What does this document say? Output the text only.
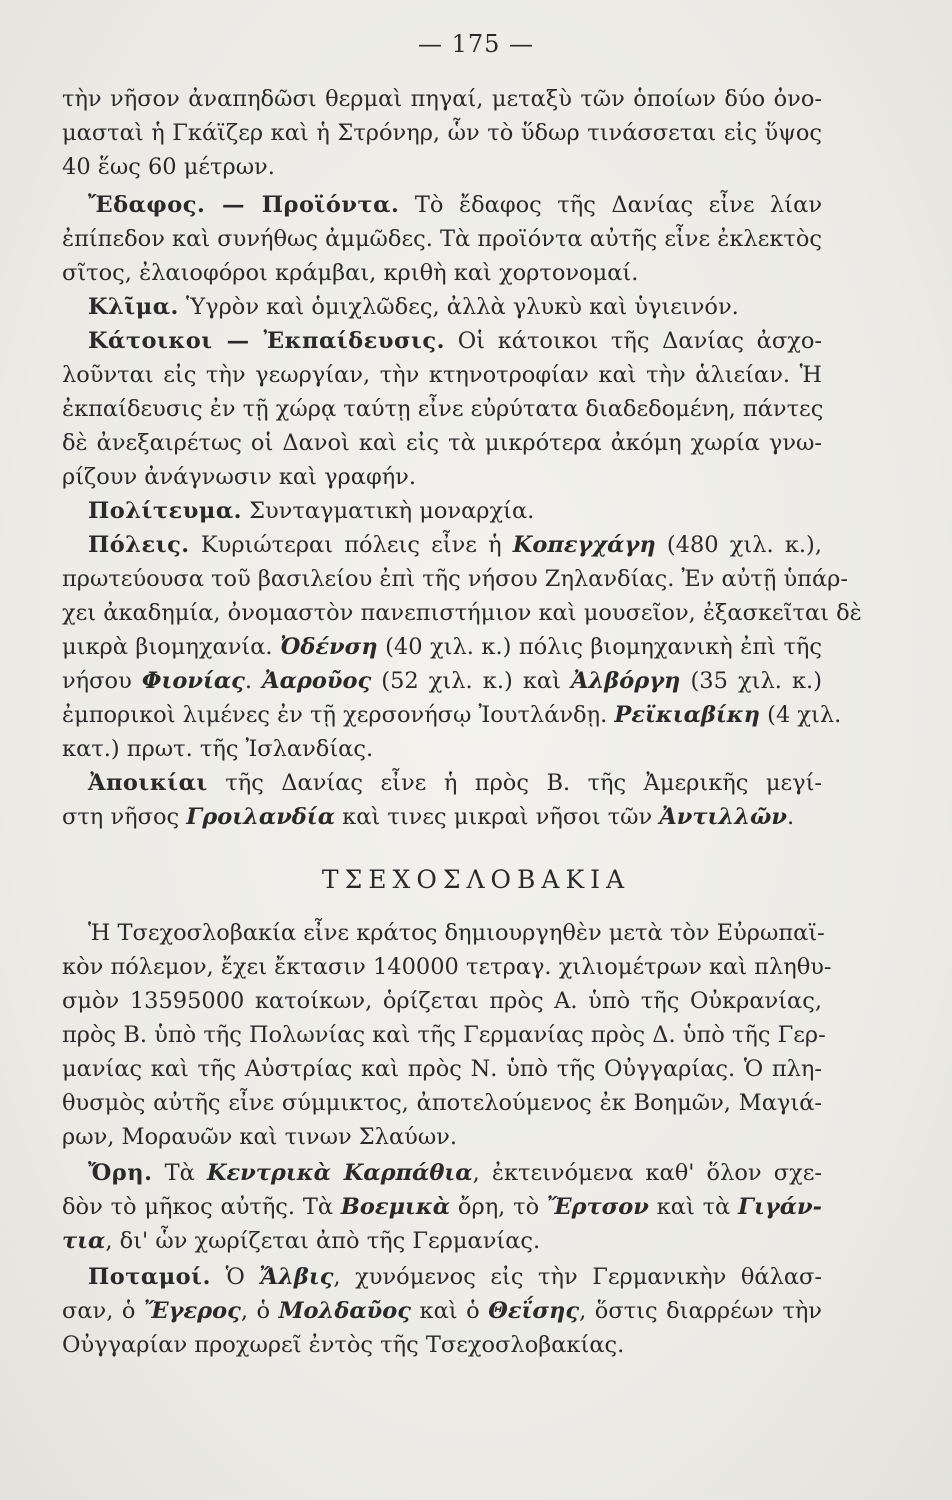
— 175 —
τὴν νῆσον ἀναπηδῶσι θερμαὶ πηγαί, μεταξὺ τῶν ὁποίων δύο ὀνο-
μασταὶ ἡ Γκάϊζερ καὶ ἡ Στρόνηρ, ὧν τὸ ὕδωρ τινάσσεται εἰς ὕψος
40 ἕως 60 μέτρων.
Ἔδαφος. — Προϊόντα. Τὸ ἔδαφος τῆς Δανίας εἶνε λίαν
ἐπίπεδον καὶ συνήθως ἀμμῶδες. Τὰ προϊόντα αὐτῆς εἶνε ἐκλεκτὸς
σῖτος, ἐλαιοφόροι κράμβαι, κριθὴ καὶ χορτονομαί.
Κλῖμα. Ὑγρὸν καὶ ὁμιχλῶδες, ἀλλὰ γλυκὺ καὶ ὑγιεινόν.
Κάτοικοι — Ἐκπαίδευσις. Οἱ κάτοικοι τῆς Δανίας ἀσχο-
λοῦνται εἰς τὴν γεωργίαν, τὴν κτηνοτροφίαν καὶ τὴν ἁλιείαν. Ἡ
ἐκπαίδευσις ἐν τῇ χώρᾳ ταύτῃ εἶνε εὐρύτατα διαδεδομένη, πάντες
δὲ ἀνεξαιρέτως οἱ Δανοὶ καὶ εἰς τὰ μικρότερα ἀκόμη χωρία γνω-
ρίζουν ἀνάγνωσιν καὶ γραφήν.
Πολίτευμα. Συνταγματικὴ μοναρχία.
Πόλεις. Κυριώτεραι πόλεις εἶνε ἡ Κοπεγχάγη (480 χιλ. κ.),
πρωτεύουσα τοῦ βασιλείου ἐπὶ τῆς νήσου Ζηλανδίας. Ἐν αὐτῇ ὑπάρ-
χει ἀκαδημία, ὀνομαστὸν πανεπιστήμιον καὶ μουσεῖον, ἐξασκεῖται δὲ
μικρὰ βιομηχανία. Ὀδένση (40 χιλ. κ.) πόλις βιομηχανικὴ ἐπὶ τῆς
νήσου Φιονίας. Ἀαροῦος (52 χιλ. κ.) καὶ Ἀλβόργη (35 χιλ. κ.)
ἐμπορικοὶ λιμένες ἐν τῇ χερσονήσῳ Ἰουτλάνδῃ. Ρεϊκιαβίκη (4 χιλ.
κατ.) πρωτ. τῆς Ἰσλανδίας.
Ἀποικίαι τῆς Δανίας εἶνε ἡ πρὸς Β. τῆς Ἀμερικῆς μεγί-
στη νῆσος Γροιλανδία καὶ τινες μικραὶ νῆσοι τῶν Ἀντιλλῶν.
ΤΣΕΧΟΣΛΟΒΑΚΙΑ
Ἡ Τσεχοσλοβακία εἶνε κράτος δημιουργηθὲν μετὰ τὸν Εὐρωπαϊ-
κὸν πόλεμον, ἔχει ἔκτασιν 140000 τετραγ. χιλιομέτρων καὶ πληθυ-
σμὸν 13595000 κατοίκων, ὁρίζεται πρὸς Α. ὑπὸ τῆς Οὐκρανίας,
πρὸς Β. ὑπὸ τῆς Πολωνίας καὶ τῆς Γερμανίας πρὸς Δ. ὑπὸ τῆς Γερ-
μανίας καὶ τῆς Αὐστρίας καὶ πρὸς Ν. ὑπὸ τῆς Οὐγγαρίας. Ὁ πλη-
θυσμὸς αὐτῆς εἶνε σύμμικτος, ἀποτελούμενος ἐκ Βοημῶν, Μαγιά-
ρων, Μοραυῶν καὶ τινων Σλαύων.
Ὄρη. Τὰ Κεντρικὰ Καρπάθια, ἐκτεινόμενα καθ' ὅλον σχε-
δὸν τὸ μῆκος αὐτῆς. Τὰ Βοεμικὰ ὄρη, τὸ Ἔρτσον καὶ τὰ Γιγάν-
τια, δι' ὧν χωρίζεται ἀπὸ τῆς Γερμανίας.
Ποταμοί. Ὁ Ἄλβις, χυνόμενος εἰς τὴν Γερμανικὴν θάλασ-
σαν, ὁ Ἔγερος, ὁ Μολδαῦος καὶ ὁ Θεΐσης, ὅστις διαρρέων τὴν
Οὐγγαρίαν προχωρεῖ ἐντὸς τῆς Τσεχοσλοβακίας.
